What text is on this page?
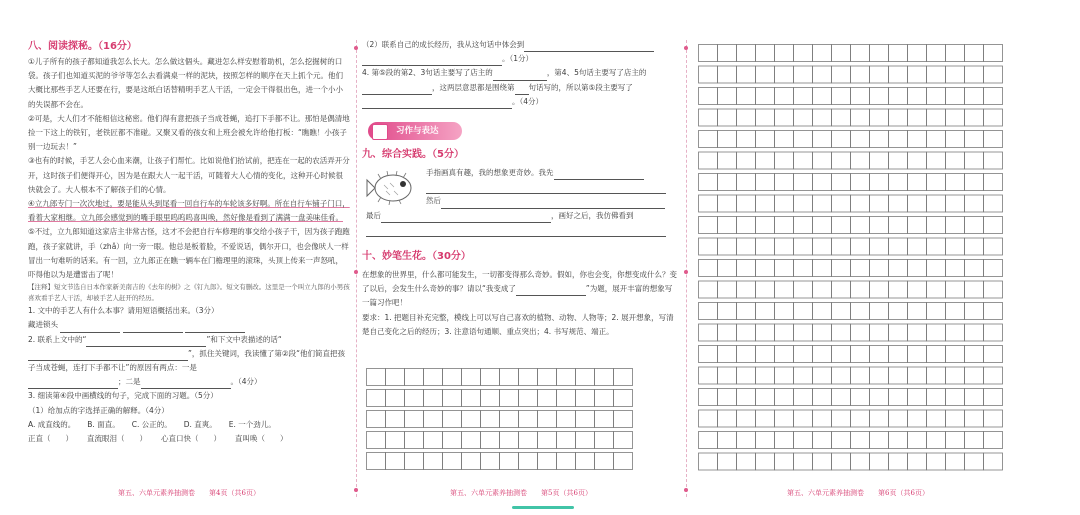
八、阅读探秘。（16分）

①儿子所有的孩子都知道我怎么长大。怎么做这個头。藏进怎么样安慰着助机，怎么挖掘树的口袋。孩子们也知道买泥的爷爷等怎么去看满桌一样的泥块，按照怎样的顺序在天上抓个元。他们大概比那些手艺人还要在行，要是这纸白话替精明手艺人干活，一定会干得很出色，进一个小小的失误都不会在。

②可是，大人们才不能相信这秘密。他们得有意把孩子当成苍蝇，追打下手都不让。那怕是偶清地捡一下这上的铁钉，老铁匠都不准碰。又聚又看的孩女和上班会被允许给他打板：“瞧瞧！小孩子别一边玩去！”

③也有的时候，手艺人会心血来潮，让孩子们帮忙。比如说他们抬试前，把连在一起的农活弄开分开，这时孩子们便得开心，因为是在跟大人一起干活，可随着大人心情的变化，这种开心时候很快就会了。大人根本不了解孩子们的心情。

④立九郎专门一次次地过，要是能从头到尾看一回自行车的车轮该多好啊。所在自行车铺子门口，看着大家相继。立九郎会感觉到的嘴手眼里呜呜呜喜叫唤，然好像是看到了满满一盘美味佳肴。

⑤不过，立九郎知道这家店主非常古怪，这才不会把自行车修理的事交给小孩子干，因为孩子跑跑跑，孩子家就讲，手（zhǎ）向一旁一眼。他总是板着脸，不爱说话，偶尔开口，也会像吠人一样冒出一句难听的话来。有一回，立九郎正在瞧一辆车在门檐理里的滚珠，头顶上传来一声怒吼，吓得他以为是遭雷击了呢！

【注释】短文节选自日本作家新美南吉的《去年的树》之《钉九郎》。短文有删改。这里是一个叫立九郎的小男孩喜欢看手艺人干活，却被手艺人赶开的经历。

1. 文中的手艺人有什么本事？请用短语概括出来。（3分）

藏进锁头

2. 联系上文中的“	”和下文中表描述的话“

”，抓住关键词，我读懂了第②段“他们简直把孩子当成苍蝇，连打下手都不让”的原因有两点：一是

；二是	。（4分）

3. 细读第④段中画横线的句子，完成下面的习题。（5分）

（1）给加点的字选择正确的解释。（4分）

A. 成直线的。 B. 面直。 C. 公正的。 D. 直爽。 E. 一个劲儿。

正直（　　） 直流眼泪（　　） 心直口快（　　） 直叫唤（　　）

第五、六单元素养抽测卷　　第4页（共6页）

（2）联系自己的成长经历，我从这句话中体会到

。（1分）

4. 第⑤段的第2、3句话主要写了店主的	，第4、5句话主要写了店主的

，这两层意思都是围绕第 句话写的，所以第⑤段主要写了

。（4分）

习作与表达
九、综合实践。（5分）

手指画真有趣，我的想象更奇妙。我先

然后

最后	，画好之后，我仿佛看到

十、妙笔生花。（30分）

在想象的世界里，什么都可能发生，一切都变得那么奇妙。假如，你也会变，你想变成什么？变了以后，会发生什么奇妙的事？请以“我变成了	”为题，展开丰富的想象写一篇习作吧！

要求：1. 把题目补充完整，模线上可以写自己喜欢的植物、动物、人物等；2. 展开想象，写清楚自己变化之后的经历；3. 注意语句通顺、重点突出；4. 书写规范、端正。

第五、六单元素养抽测卷　　第5页（共6页）	第五、六单元素养抽测卷　　第6页（共6页）
